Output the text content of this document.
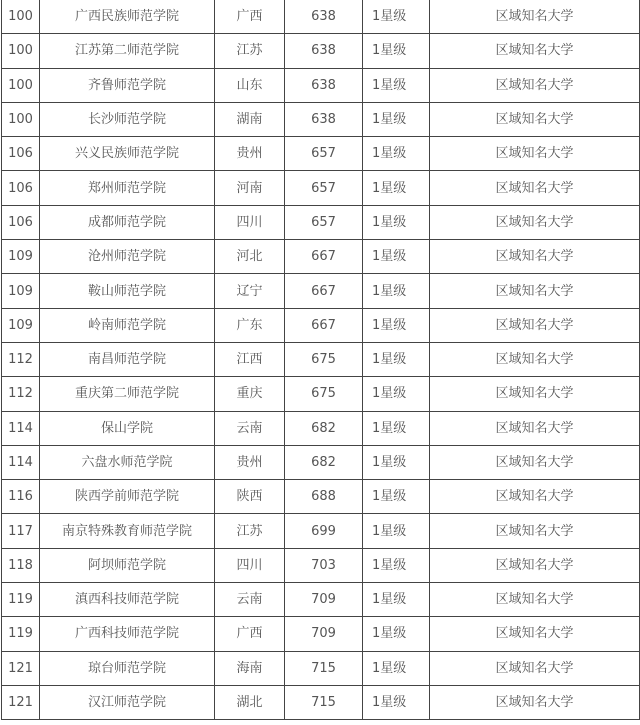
100	广西民族师范学院	广西	638	1星级	区域知名大学
100	江苏第二师范学院	江苏	638	1星级	区域知名大学
100	齐鲁师范学院	山东	638	1星级	区域知名大学
100	长沙师范学院	湖南	638	1星级	区域知名大学
106	兴义民族师范学院	贵州	657	1星级	区域知名大学
106	郑州师范学院	河南	657	1星级	区域知名大学
106	成都师范学院	四川	657	1星级	区域知名大学
109	沧州师范学院	河北	667	1星级	区域知名大学
109	鞍山师范学院	辽宁	667	1星级	区域知名大学
109	岭南师范学院	广东	667	1星级	区域知名大学
112	南昌师范学院	江西	675	1星级	区域知名大学
112	重庆第二师范学院	重庆	675	1星级	区域知名大学
114	保山学院	云南	682	1星级	区域知名大学
114	六盘水师范学院	贵州	682	1星级	区域知名大学
116	陕西学前师范学院	陕西	688	1星级	区域知名大学
117	南京特殊教育师范学院	江苏	699	1星级	区域知名大学
118	阿坝师范学院	四川	703	1星级	区域知名大学
119	滇西科技师范学院	云南	709	1星级	区域知名大学
119	广西科技师范学院	广西	709	1星级	区域知名大学
121	琼台师范学院	海南	715	1星级	区域知名大学
121	汉江师范学院	湖北	715	1星级	区域知名大学
